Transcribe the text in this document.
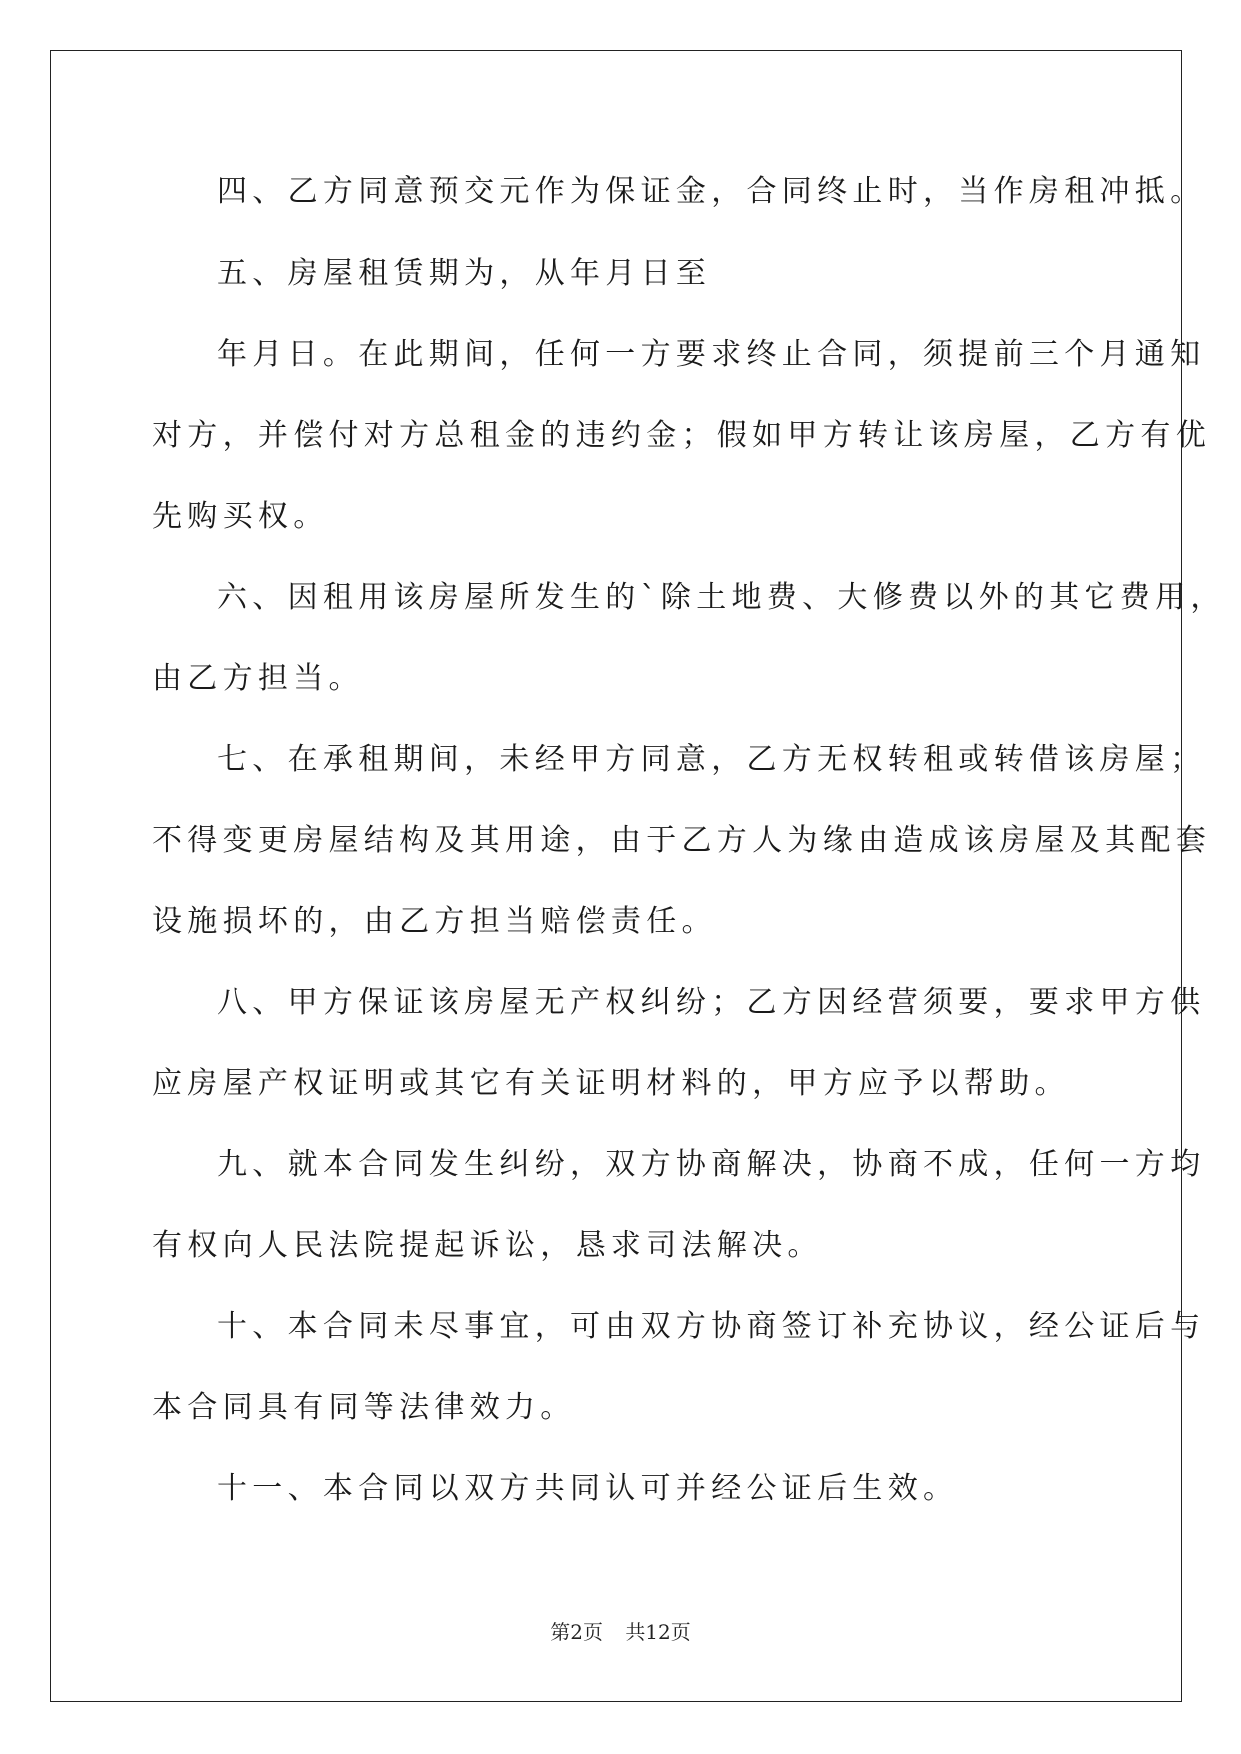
四、乙方同意预交元作为保证金，合同终止时，当作房租冲抵。
五、房屋租赁期为，从年月日至
年月日。在此期间，任何一方要求终止合同，须提前三个月通知
对方，并偿付对方总租金的违约金；假如甲方转让该房屋，乙方有优
先购买权。
六、因租用该房屋所发生的`除土地费、大修费以外的其它费用，
由乙方担当。
七、在承租期间，未经甲方同意，乙方无权转租或转借该房屋；
不得变更房屋结构及其用途，由于乙方人为缘由造成该房屋及其配套
设施损坏的，由乙方担当赔偿责任。
八、甲方保证该房屋无产权纠纷；乙方因经营须要，要求甲方供
应房屋产权证明或其它有关证明材料的，甲方应予以帮助。
九、就本合同发生纠纷，双方协商解决，协商不成，任何一方均
有权向人民法院提起诉讼，恳求司法解决。
十、本合同未尽事宜，可由双方协商签订补充协议，经公证后与
本合同具有同等法律效力。
十一、本合同以双方共同认可并经公证后生效。
第2页 共12页
